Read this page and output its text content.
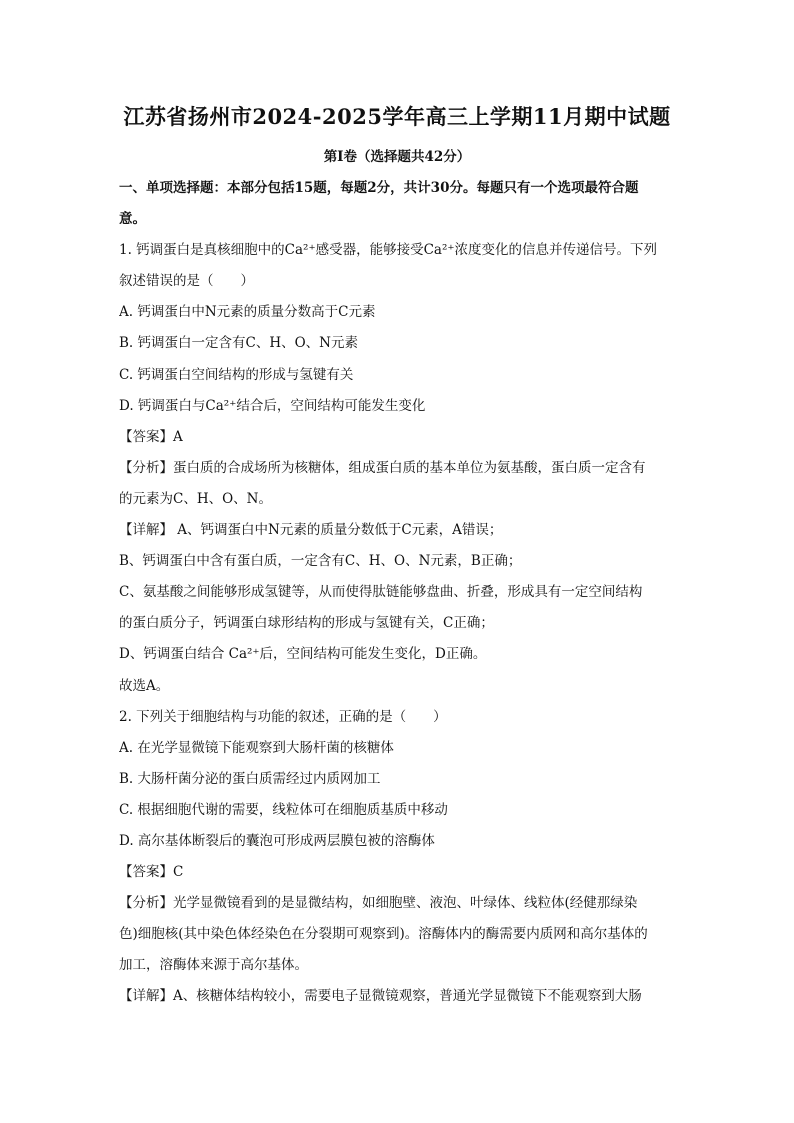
江苏省扬州市2024-2025学年高三上学期11月期中试题
第Ⅰ卷（选择题共42分）
一、单项选择题：本部分包括15题，每题2分，共计30分。每题只有一个选项最符合题
意。
1. 钙调蛋白是真核细胞中的Ca²⁺感受器，能够接受Ca²⁺浓度变化的信息并传递信号。下列
叙述错误的是（　　）
A. 钙调蛋白中N元素的质量分数高于C元素
B. 钙调蛋白一定含有C、H、O、N元素
C. 钙调蛋白空间结构的形成与氢键有关
D. 钙调蛋白与Ca²⁺结合后，空间结构可能发生变化
【答案】A
【分析】蛋白质的合成场所为核糖体，组成蛋白质的基本单位为氨基酸，蛋白质一定含有
的元素为C、H、O、N。
【详解】 A、钙调蛋白中N元素的质量分数低于C元素，A错误；
B、钙调蛋白中含有蛋白质，一定含有C、H、O、N元素，B正确；
C、氨基酸之间能够形成氢键等，从而使得肽链能够盘曲、折叠，形成具有一定空间结构
的蛋白质分子，钙调蛋白球形结构的形成与氢键有关，C正确；
D、钙调蛋白结合 Ca²⁺后，空间结构可能发生变化，D正确。
故选A。
2. 下列关于细胞结构与功能的叙述，正确的是（　　）
A. 在光学显微镜下能观察到大肠杆菌的核糖体
B. 大肠杆菌分泌的蛋白质需经过内质网加工
C. 根据细胞代谢的需要，线粒体可在细胞质基质中移动
D. 高尔基体断裂后的囊泡可形成两层膜包被的溶酶体
【答案】C
【分析】光学显微镜看到的是显微结构，如细胞壁、液泡、叶绿体、线粒体(经健那绿染
色)细胞核(其中染色体经染色在分裂期可观察到)。溶酶体内的酶需要内质网和高尔基体的
加工，溶酶体来源于高尔基体。
【详解】A、核糖体结构较小，需要电子显微镜观察，普通光学显微镜下不能观察到大肠
